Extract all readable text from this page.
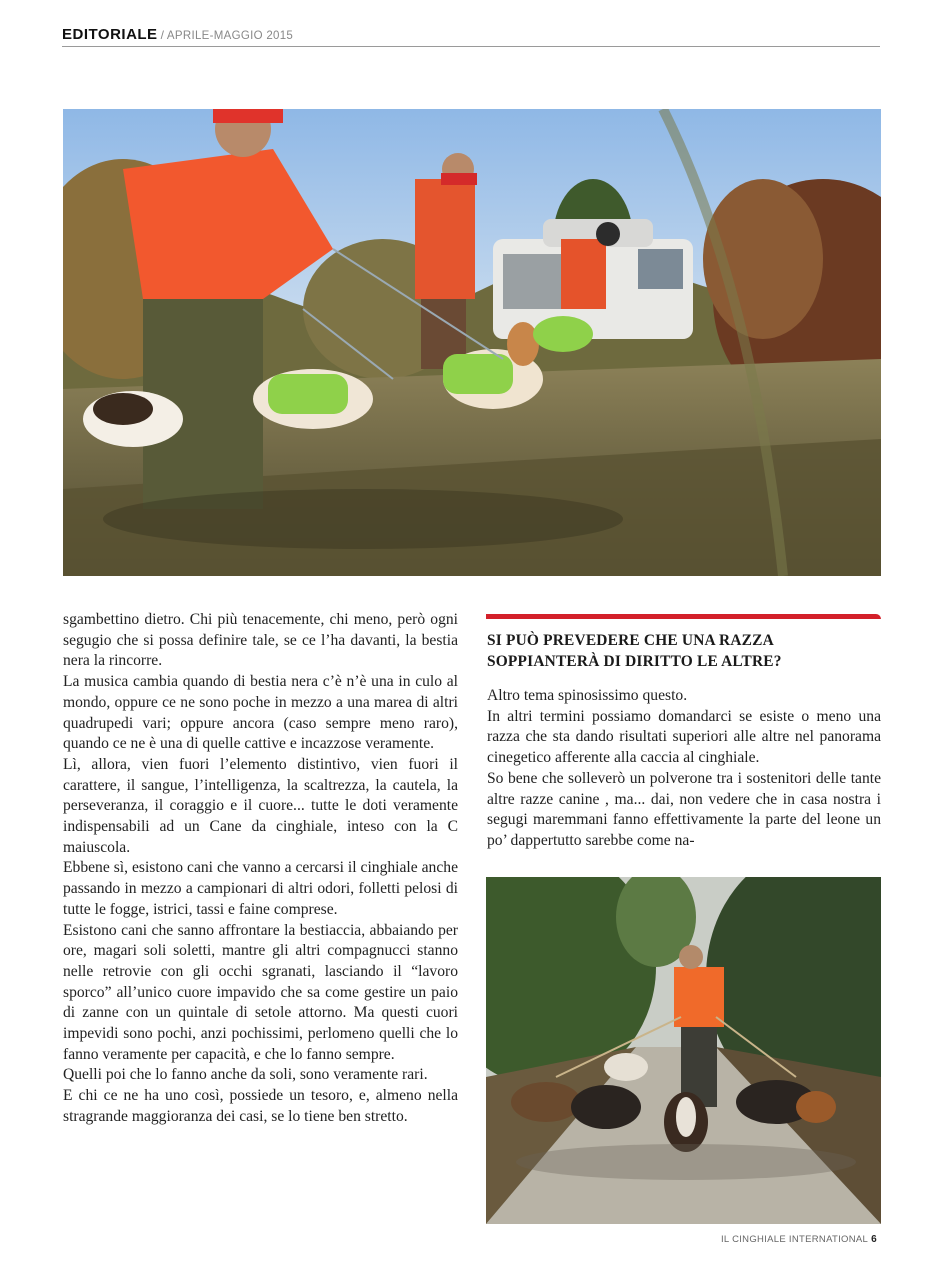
EDITORIALE / APRILE-MAGGIO 2015

sgambettino dietro. Chi più tenacemente, chi meno, però ogni segugio che si possa definire tale, se ce l’ha davanti, la bestia nera la rincorre.

La musica cambia quando di bestia nera c’è n’è una in culo al mondo, oppure ce ne sono poche in mezzo a una marea di altri quadrupedi vari; oppure ancora (caso sempre meno raro), quando ce ne è una di quelle cattive e incazzose veramente.

Lì, allora, vien fuori l’elemento distintivo, vien fuori il carattere, il sangue, l’intelligenza, la scaltrezza, la cautela, la perseveranza, il coraggio e il cuore... tutte le doti veramente indispensabili ad un Cane da cinghiale, inteso con la C maiuscola.

Ebbene sì, esistono cani che vanno a cercarsi il cinghiale anche passando in mezzo a campionari di altri odori, folletti pelosi di tutte le fogge, istrici, tassi e faine comprese.

Esistono cani che sanno affrontare la bestiaccia, abbaiando per ore, magari soli soletti, mantre gli altri compagnucci stanno nelle retrovie con gli occhi sgranati, lasciando il “lavoro sporco” all’unico cuore impavido che sa come gestire un paio di zanne con un quintale di setole attorno. Ma questi cuori impevidi sono pochi, anzi pochissimi, perlomeno quelli che lo fanno veramente per capacità, e che lo fanno sempre.

Quelli poi che lo fanno anche da soli, sono veramente rari.

E chi ce ne ha uno così, possiede un tesoro, e, almeno nella stragrande maggioranza dei casi, se lo tiene ben stretto.

SI PUÒ PREVEDERE CHE UNA RAZZA SOPPIANTERÀ DI DIRITTO LE ALTRE?

Altro tema spinosissimo questo.

In altri termini possiamo domandarci se esiste o meno una razza che sta dando risultati superiori alle altre nel panorama cinegetico afferente alla caccia al cinghiale.

So bene che solleverò un polverone tra i sostenitori delle tante altre razze canine , ma... dai, non vedere che in casa nostra i segugi maremmani fanno effettivamente la parte del leone un po’ dappertutto sarebbe come na-

IL CINGHIALE INTERNATIONAL 6
